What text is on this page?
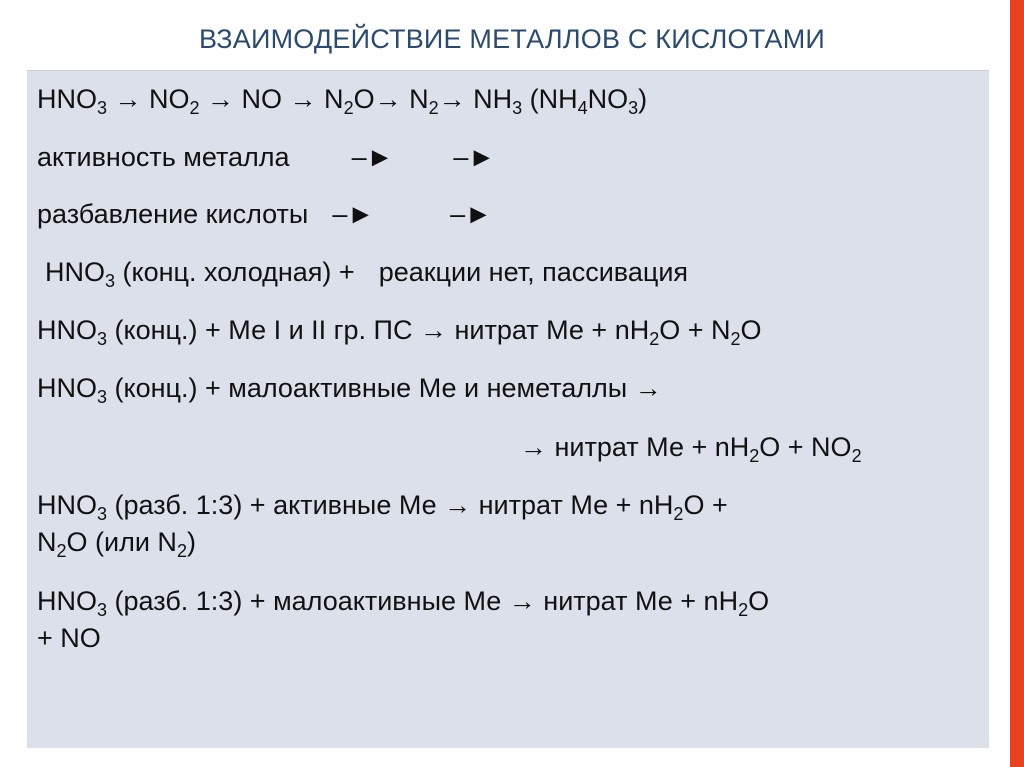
ВЗАИМОДЕЙСТВИЕ МЕТАЛЛОВ С КИСЛОТАМИ
$HNO_3 \to NO_2$ → NO → $N_2O\to N_2\to NH_3$ $(NH_4NO_3)$
активность металла –► –►
разбавление кислоты –►	–►
$HNO_3$ (конц. холодная) + реакции нет, пассивация
$HNO_3$ (конц.) + Ме I и II гр. ПС → нитрат Ме + $nH_2O + N_2O$
$HNO_3$ (конц.) + малоактивные Ме и неметаллы →
→ нитрат Ме + $nH_2O + NO_2$
$HNO_3$ (разб. 1:3) + активные Ме → нитрат Ме + $nH_2O$ +
$N_2O$ (или $N_2$)
$HNO_3$ (разб. 1:3) + малоактивные Ме → нитрат Ме + $nH_2O$
+ NO
